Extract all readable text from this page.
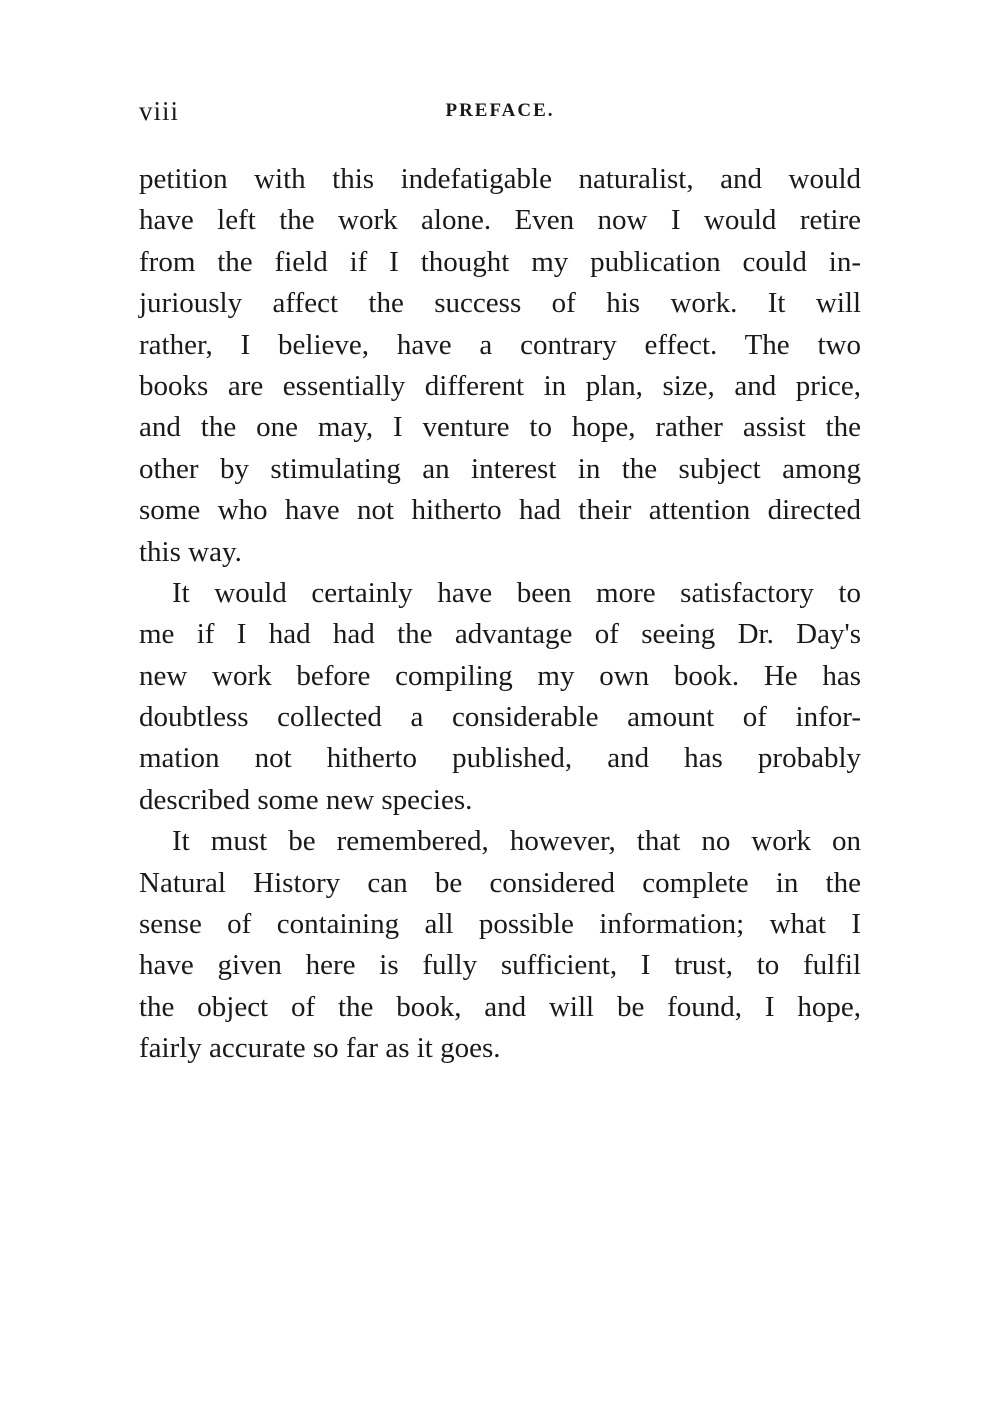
viii	PREFACE.
petition with this indefatigable naturalist, and would
have left the work alone. Even now I would retire
from the field if I thought my publication could in-
juriously affect the success of his work. It will
rather, I believe, have a contrary effect. The two
books are essentially different in plan, size, and price,
and the one may, I venture to hope, rather assist the
other by stimulating an interest in the subject among
some who have not hitherto had their attention directed
this way.
It would certainly have been more satisfactory to
me if I had had the advantage of seeing Dr. Day's
new work before compiling my own book. He has
doubtless collected a considerable amount of infor-
mation not hitherto published, and has probably
described some new species.
It must be remembered, however, that no work on
Natural History can be considered complete in the
sense of containing all possible information; what I
have given here is fully sufficient, I trust, to fulfil
the object of the book, and will be found, I hope,
fairly accurate so far as it goes.
